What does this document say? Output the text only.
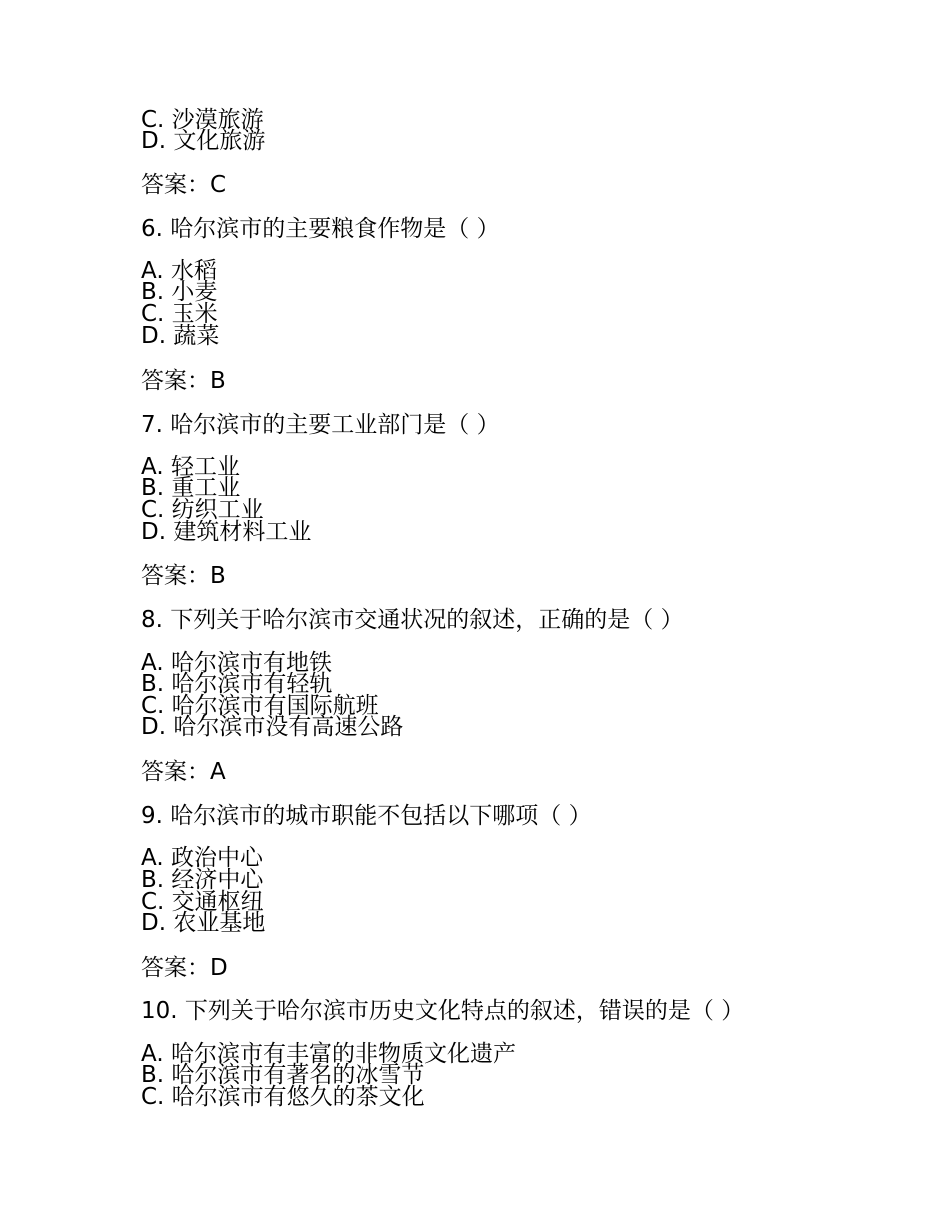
C. 沙漠旅游
D. 文化旅游
答案：C
6. 哈尔滨市的主要粮食作物是（ ）
A. 水稻
B. 小麦
C. 玉米
D. 蔬菜
答案：B
7. 哈尔滨市的主要工业部门是（ ）
A. 轻工业
B. 重工业
C. 纺织工业
D. 建筑材料工业
答案：B
8. 下列关于哈尔滨市交通状况的叙述，正确的是（ ）
A. 哈尔滨市有地铁
B. 哈尔滨市有轻轨
C. 哈尔滨市有国际航班
D. 哈尔滨市没有高速公路
答案：A
9. 哈尔滨市的城市职能不包括以下哪项（ ）
A. 政治中心
B. 经济中心
C. 交通枢纽
D. 农业基地
答案：D
10. 下列关于哈尔滨市历史文化特点的叙述，错误的是（ ）
A. 哈尔滨市有丰富的非物质文化遗产
B. 哈尔滨市有著名的冰雪节
C. 哈尔滨市有悠久的茶文化
